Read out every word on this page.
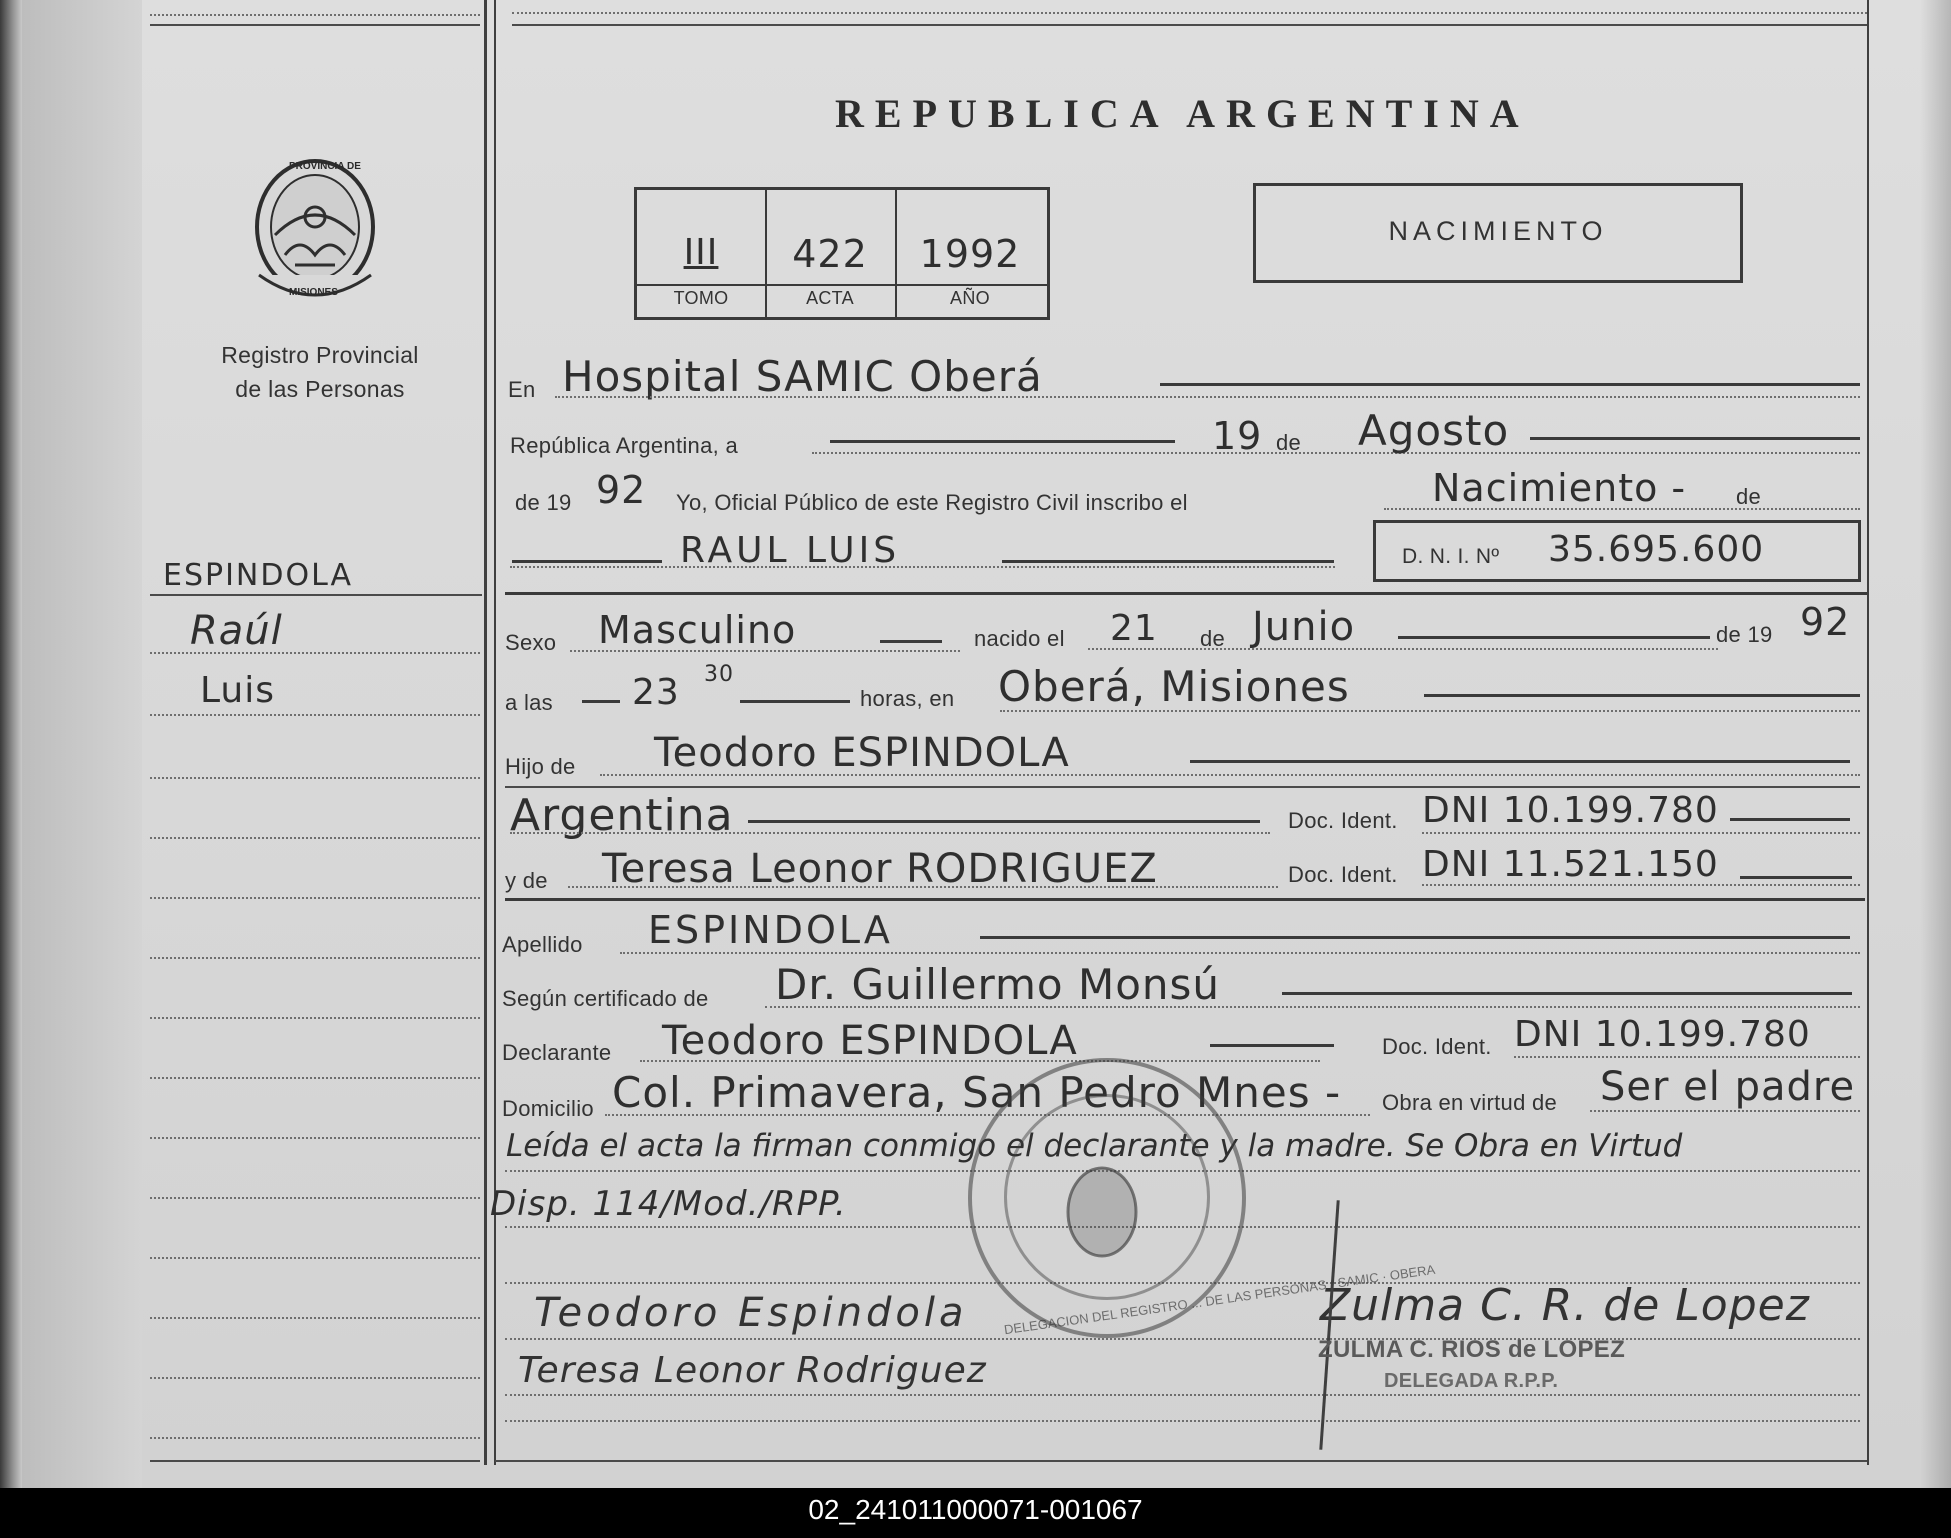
REPUBLICA ARGENTINA
III	422	1992
TOMO	ACTA	AÑO
NACIMIENTO
PROVINCIA DE
MISIONES
Registro Provincial
de las Personas
ESPINDOLA
Raúl
Luis
En Hospital SAMIC Oberá
República Argentina, a	19 de Agosto
de 19 92 Yo, Oficial Público de este Registro Civil inscribo el	Nacimiento - de
RAUL LUIS	D. N. I. Nº 35.695.600
Sexo Masculino	nacido el 21 de Junio	de 19 92
a las 23 30
horas, en Oberá, Misiones
Hijo de Teodoro ESPINDOLA
Argentina	Doc. Ident. DNI 10.199.780
y de Teresa Leonor RODRIGUEZ	Doc. Ident. DNI 11.521.150
Apellido ESPINDOLA
Según certificado de Dr. Guillermo Monsú
Declarante Teodoro ESPINDOLA	Doc. Ident. DNI 10.199.780
Domicilio Col. Primavera, San Pedro Mnes - Obra en virtud de Ser el padre
Leída el acta la firman conmigo el declarante y la madre. Se Obra en Virtud
Disp. 114/Mod./RPP.
DELEGACION DEL REGISTRO ... DE LAS PERSONAS · SAMIC · OBERA
Teodoro Espindola
Teresa Leonor Rodriguez
Zulma C. R. de Lopez
ZULMA C. RIOS de LOPEZ
DELEGADA R.P.P.
02_241011000071-001067
